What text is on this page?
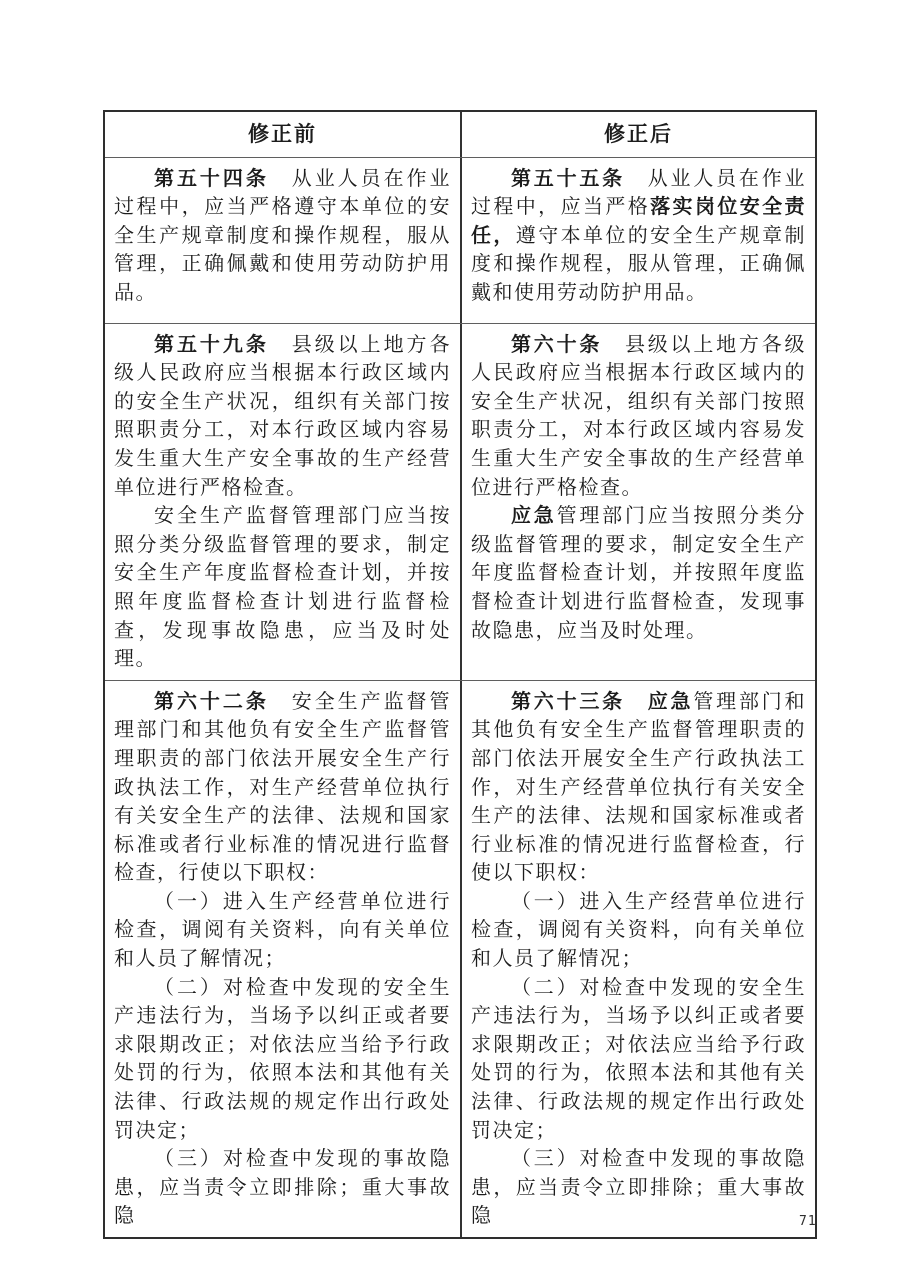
修正前	修正后

第五十四条　从业人员在作业过程中，应当严格遵守本单位的安全生产规章制度和操作规程，服从管理，正确佩戴和使用劳动防护用品。

第五十五条　从业人员在作业过程中，应当严格落实岗位安全责任，遵守本单位的安全生产规章制度和操作规程，服从管理，正确佩戴和使用劳动防护用品。

第五十九条　县级以上地方各级人民政府应当根据本行政区域内的安全生产状况，组织有关部门按照职责分工，对本行政区域内容易发生重大生产安全事故的生产经营单位进行严格检查。

安全生产监督管理部门应当按照分类分级监督管理的要求，制定安全生产年度监督检查计划，并按照年度监督检查计划进行监督检查，发现事故隐患，应当及时处理。

第六十条　县级以上地方各级人民政府应当根据本行政区域内的安全生产状况，组织有关部门按照职责分工，对本行政区域内容易发生重大生产安全事故的生产经营单位进行严格检查。

应急管理部门应当按照分类分级监督管理的要求，制定安全生产年度监督检查计划，并按照年度监督检查计划进行监督检查，发现事故隐患，应当及时处理。

第六十二条　安全生产监督管理部门和其他负有安全生产监督管理职责的部门依法开展安全生产行政执法工作，对生产经营单位执行有关安全生产的法律、法规和国家标准或者行业标准的情况进行监督检查，行使以下职权：

（一）进入生产经营单位进行检查，调阅有关资料，向有关单位和人员了解情况；

（二）对检查中发现的安全生产违法行为，当场予以纠正或者要求限期改正；对依法应当给予行政处罚的行为，依照本法和其他有关法律、行政法规的规定作出行政处罚决定；

（三）对检查中发现的事故隐患，应当责令立即排除；重大事故隐

第六十三条　 应急管理部门和其他负有安全生产监督管理职责的部门依法开展安全生产行政执法工作，对生产经营单位执行有关安全生产的法律、法规和国家标准或者行业标准的情况进行监督检查，行使以下职权：

（一）进入生产经营单位进行检查，调阅有关资料，向有关单位和人员了解情况；

（二）对检查中发现的安全生产违法行为，当场予以纠正或者要求限期改正；对依法应当给予行政处罚的行为，依照本法和其他有关法律、行政法规的规定作出行政处罚决定；

（三）对检查中发现的事故隐患，应当责令立即排除；重大事故隐	71
